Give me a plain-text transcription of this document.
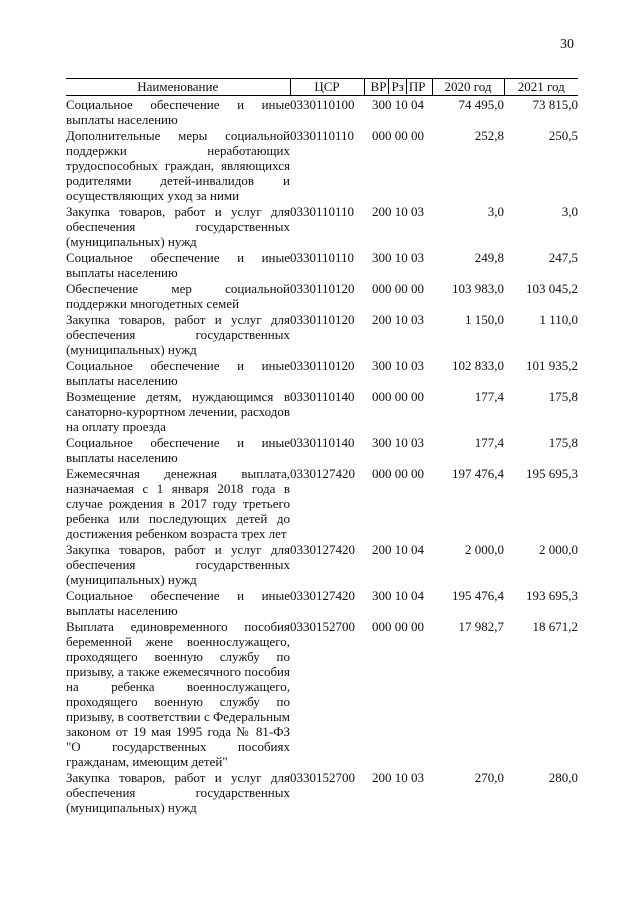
30
Наименование	ЦСР	ВР Рз ПР	2020 год	2021 год
Социальное обеспечение и иные выплаты населению	0330110100	300 10 04	74 495,0	73 815,0
Дополнительные меры социальной поддержки неработающих трудоспособных граждан, являющихся родителями детей-инвалидов и осуществляющих уход за ними	0330110110	000 00 00	252,8	250,5
Закупка товаров, работ и услуг для обеспечения государственных (муниципальных) нужд	0330110110	200 10 03	3,0	3,0
Социальное обеспечение и иные выплаты населению	0330110110	300 10 03	249,8	247,5
Обеспечение мер социальной поддержки многодетных семей	0330110120	000 00 00	103 983,0	103 045,2
Закупка товаров, работ и услуг для обеспечения государственных (муниципальных) нужд	0330110120	200 10 03	1 150,0	1 110,0
Социальное обеспечение и иные выплаты населению	0330110120	300 10 03	102 833,0	101 935,2
Возмещение детям, нуждающимся в санаторно-курортном лечении, расходов на оплату проезда	0330110140	000 00 00	177,4	175,8
Социальное обеспечение и иные выплаты населению	0330110140	300 10 03	177,4	175,8
Ежемесячная денежная выплата, назначаемая с 1 января 2018 года в случае рождения в 2017 году третьего ребенка или последующих детей до достижения ребенком возраста трех лет	0330127420	000 00 00	197 476,4	195 695,3
Закупка товаров, работ и услуг для обеспечения государственных (муниципальных) нужд	0330127420	200 10 04	2 000,0	2 000,0
Социальное обеспечение и иные выплаты населению	0330127420	300 10 04	195 476,4	193 695,3
Выплата единовременного пособия беременной жене военнослужащего, проходящего военную службу по призыву, а также ежемесячного пособия на ребенка военнослужащего, проходящего военную службу по призыву, в соответствии с Федеральным законом от 19 мая 1995 года № 81-ФЗ "О государственных пособиях гражданам, имеющим детей"	0330152700	000 00 00	17 982,7	18 671,2
Закупка товаров, работ и услуг для обеспечения государственных (муниципальных) нужд	0330152700	200 10 03	270,0	280,0
